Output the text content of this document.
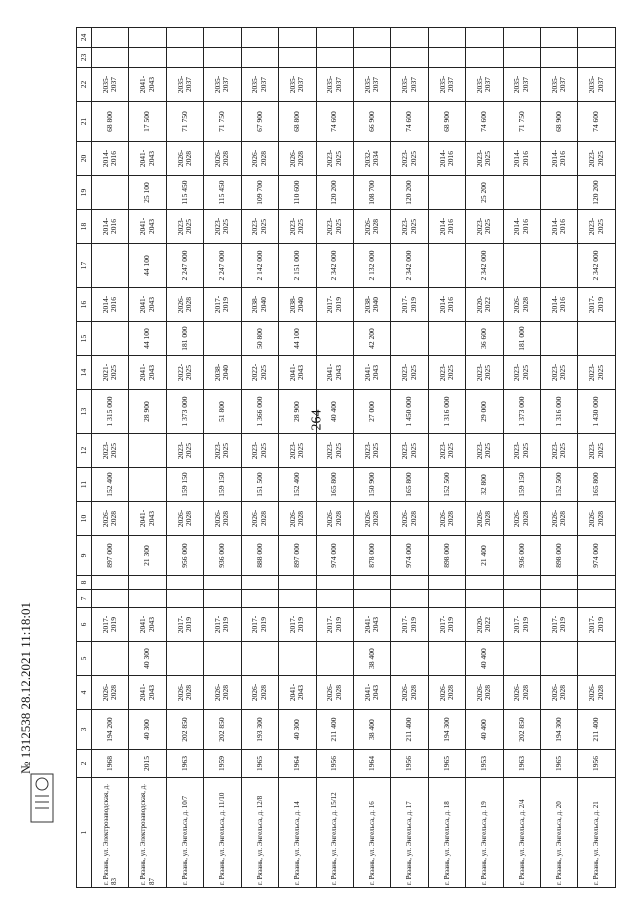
264
1	2	3	4	5	6	7	8	9	10	11	12	13	14	15	16	17	18	19	20	21	22	23	24
г. Рязань, ул. Электрозаводская, д. 83	1968	194 200	2026-2028		2017-2019			897 000	2026-2028	152 400	2023-2025	1 315 000	2021-2025		2014-2016		2014-2016		2014-2016	68 800	2035-2037		
г. Рязань, ул. Электрозаводская, д. 87	2015	40 300	2041-2043	40 300	2041-2043			21 300	2041-2043			28 900	2041-2043	44 100	2041-2043	44 100	2041-2043	25 100	2041-2043	17 500	2041-2043		
г. Рязань, ул. Энгельса, д. 10/7	1963	202 850	2026-2028		2017-2019			956 000	2026-2028	159 150	2023-2025	1 373 000	2022-2025	181 000	2026-2028	2 247 000	2023-2025	115 450	2026-2028	71 750	2035-2037		
г. Рязань, ул. Энгельса, д. 11/10	1959	202 850	2026-2028		2017-2019			936 000	2026-2028	159 150	2023-2025	51 800	2038-2040		2017-2019	2 247 000	2023-2025	115 450	2026-2028	71 750	2035-2037		
г. Рязань, ул. Энгельса, д. 12/8	1965	193 300	2026-2028		2017-2019			888 000	2026-2028	151 500	2023-2025	1 366 000	2022-2025	50 800	2038-2040	2 142 000	2023-2025	109 700	2026-2028	67 900	2035-2037		
г. Рязань, ул. Энгельса, д. 14	1964	40 300	2041-2043		2017-2019			897 000	2026-2028	152 400	2023-2025	28 900	2041-2043	44 100	2038-2040	2 151 000	2023-2025	110 600	2026-2028	68 800	2035-2037		
г. Рязань, ул. Энгельса, д. 15/12	1956	211 400	2026-2028		2017-2019			974 000	2026-2028	165 800	2023-2025	40 400	2041-2043		2017-2019	2 342 000	2023-2025	120 200	2023-2025	74 600	2035-2037		
г. Рязань, ул. Энгельса, д. 16	1964	38 400	2041-2043	38 400	2041-2043			878 000	2026-2028	150 900	2023-2025	27 000	2041-2043	42 200	2038-2040	2 132 000	2026-2028	108 700	2032-2034	66 900	2035-2037		
г. Рязань, ул. Энгельса, д. 17	1956	211 400	2026-2028		2017-2019			974 000	2026-2028	165 800	2023-2025	1 450 000	2023-2025		2017-2019	2 342 000	2023-2025	120 200	2023-2025	74 600	2035-2037		
г. Рязань, ул. Энгельса, д. 18	1965	194 300	2026-2028		2017-2019			898 000	2026-2028	152 500	2023-2025	1 316 000	2023-2025		2014-2016		2014-2016		2014-2016	68 900	2035-2037		
г. Рязань, ул. Энгельса, д. 19	1953	40 400	2026-2028	40 400	2020-2022			21 400	2026-2028	32 800	2023-2025	29 000	2023-2025	36 600	2020-2022	2 342 000	2023-2025	25 200	2023-2025	74 600	2035-2037		
г. Рязань, ул. Энгельса, д. 2/4	1963	202 850	2026-2028		2017-2019			936 000	2026-2028	159 150	2023-2025	1 373 000	2023-2025	181 000	2026-2028		2014-2016		2014-2016	71 750	2035-2037		
г. Рязань, ул. Энгельса, д. 20	1965	194 300	2026-2028		2017-2019			898 000	2026-2028	152 500	2023-2025	1 316 000	2023-2025		2014-2016		2014-2016		2014-2016	68 900	2035-2037		
г. Рязань, ул. Энгельса, д. 21	1956	211 400	2026-2028		2017-2019			974 000	2026-2028	165 800	2023-2025	1 430 000	2023-2025		2017-2019	2 342 000	2023-2025	120 200	2023-2025	74 600	2035-2037		
№ 1312538 28.12.2021 11:18:01
